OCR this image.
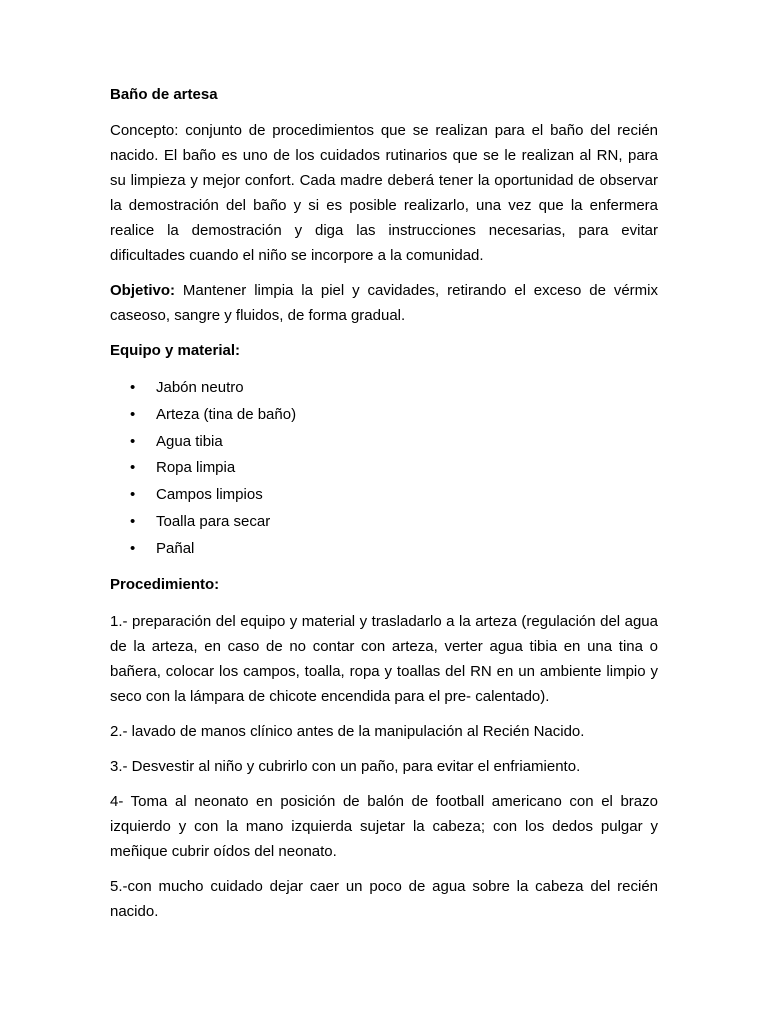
Baño de artesa

Concepto: conjunto de procedimientos que se realizan para el baño del recién nacido. El baño es uno de los cuidados rutinarios que se le realizan al RN, para su limpieza y mejor confort. Cada madre deberá tener la oportunidad de observar la demostración del baño y si es posible realizarlo, una vez que la enfermera realice la demostración y diga las instrucciones necesarias, para evitar dificultades cuando el niño se incorpore a la comunidad.

Objetivo: Mantener limpia la piel y cavidades, retirando el exceso de vérmix caseoso, sangre y fluidos, de forma gradual.

Equipo y material:
• Jabón neutro
• Arteza (tina de baño)
• Agua tibia
• Ropa limpia
• Campos limpios
• Toalla para secar
• Pañal
Procedimiento:

1.- preparación del equipo y material y trasladarlo a la arteza (regulación del agua de la arteza, en caso de no contar con arteza, verter agua tibia en una tina o bañera, colocar los campos, toalla, ropa y toallas del RN en un ambiente limpio y seco con la lámpara de chicote encendida para el pre- calentado).

2.- lavado de manos clínico antes de la manipulación al Recién Nacido.

3.- Desvestir al niño y cubrirlo con un paño, para evitar el enfriamiento.

4- Toma al neonato en posición de balón de football americano con el brazo izquierdo y con la mano izquierda sujetar la cabeza; con los dedos pulgar y meñique cubrir oídos del neonato.

5.-con mucho cuidado dejar caer un poco de agua sobre la cabeza del recién nacido.
